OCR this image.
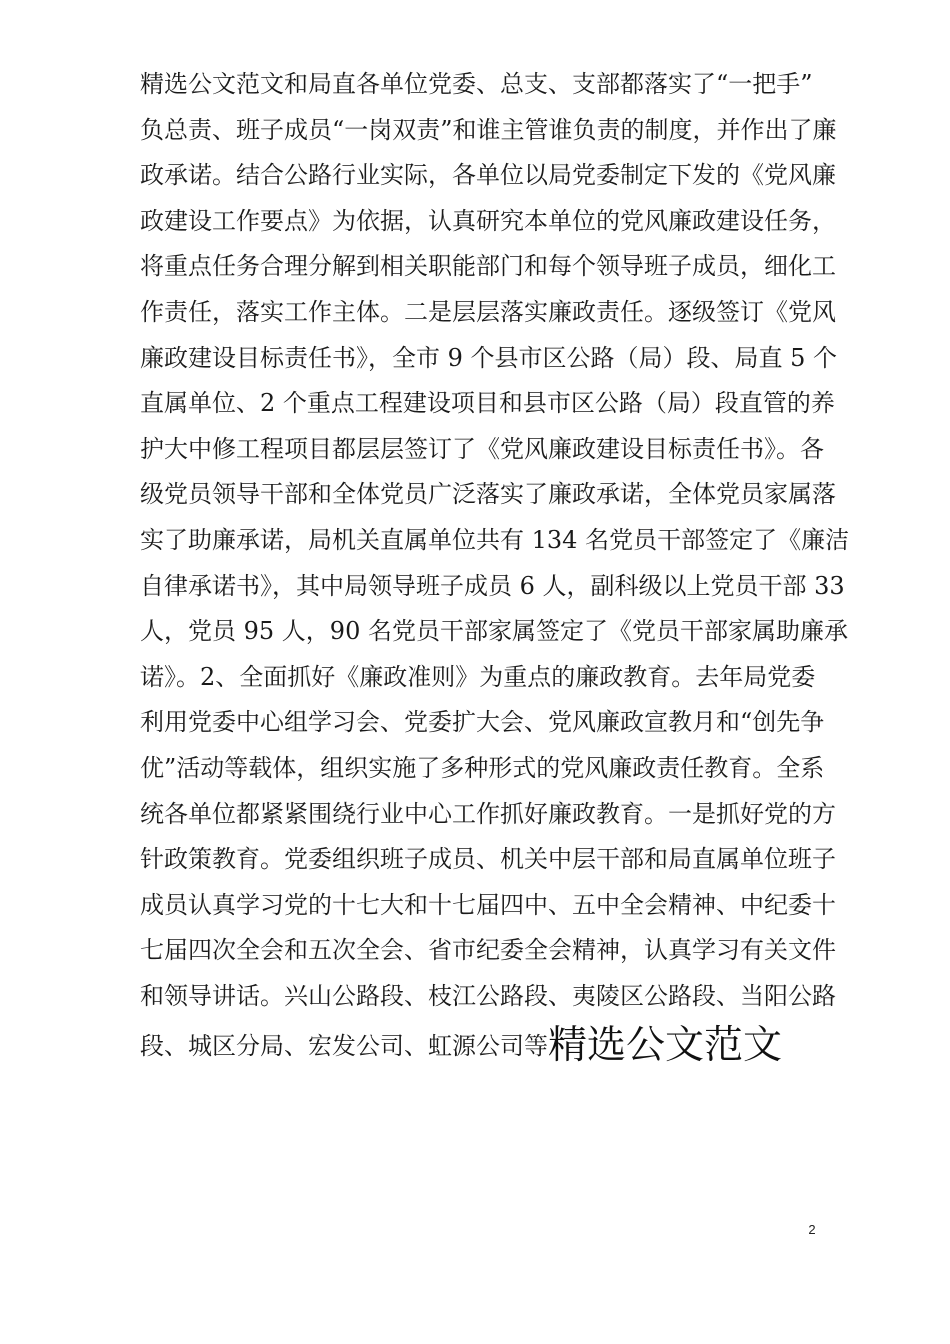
精选公文范文和局直各单位党委、总支、支部都落实了“一把手”
负总责、班子成员“一岗双责”和谁主管谁负责的制度，并作出了廉
政承诺。结合公路行业实际，各单位以局党委制定下发的《党风廉
政建设工作要点》为依据，认真研究本单位的党风廉政建设任务，
将重点任务合理分解到相关职能部门和每个领导班子成员，细化工
作责任，落实工作主体。二是层层落实廉政责任。逐级签订《党风
廉政建设目标责任书》，全市 9 个县市区公路（局）段、局直 5 个
直属单位、2 个重点工程建设项目和县市区公路（局）段直管的养
护大中修工程项目都层层签订了《党风廉政建设目标责任书》。各
级党员领导干部和全体党员广泛落实了廉政承诺，全体党员家属落
实了助廉承诺，局机关直属单位共有 134 名党员干部签定了《廉洁
自律承诺书》，其中局领导班子成员 6 人，副科级以上党员干部 33
人，党员 95 人，90 名党员干部家属签定了《党员干部家属助廉承
诺》。2、全面抓好《廉政准则》为重点的廉政教育。去年局党委
利用党委中心组学习会、党委扩大会、党风廉政宣教月和“创先争
优”活动等载体，组织实施了多种形式的党风廉政责任教育。全系
统各单位都紧紧围绕行业中心工作抓好廉政教育。一是抓好党的方
针政策教育。党委组织班子成员、机关中层干部和局直属单位班子
成员认真学习党的十七大和十七届四中、五中全会精神、中纪委十
七届四次全会和五次全会、省市纪委全会精神，认真学习有关文件
和领导讲话。兴山公路段、枝江公路段、夷陵区公路段、当阳公路
段、城区分局、宏发公司、虹源公司等精选公文范文
2
